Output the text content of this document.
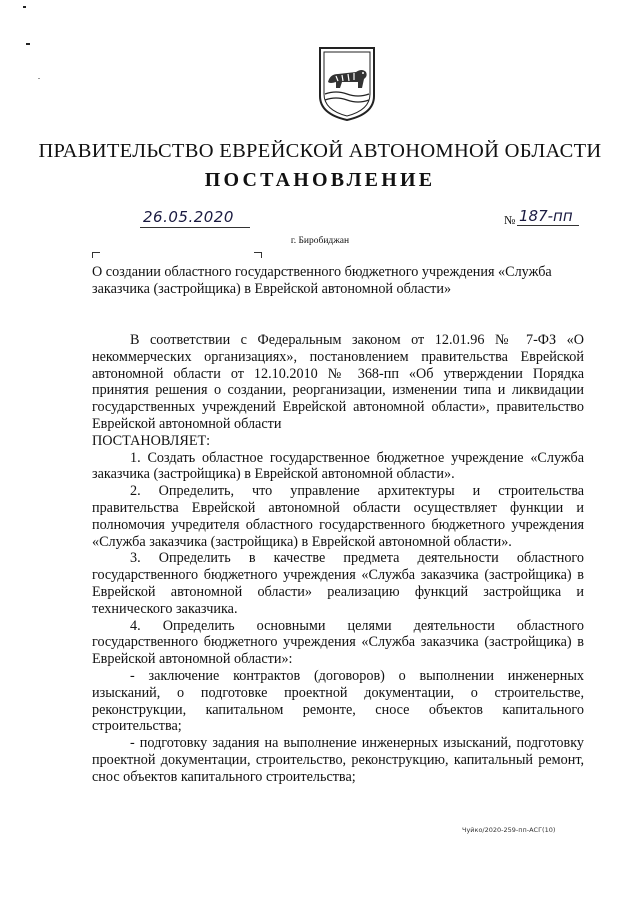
ПРАВИТЕЛЬСТВО ЕВРЕЙСКОЙ АВТОНОМНОЙ ОБЛАСТИ
ПОСТАНОВЛЕНИЕ
26.05.2020	№ 187-пп
г. Биробиджан
О создании областного государственного бюджетного учреждения «Служба заказчика (застройщика) в Еврейской автономной области»

В соответствии с Федеральным законом от 12.01.96 № 7-ФЗ «О некоммерческих организациях», постановлением правительства Еврейской автономной области от 12.10.2010 № 368-пп «Об утверждении Порядка принятия решения о создании, реорганизации, изменении типа и ликвидации государственных учреждений Еврейской автономной области», правительство Еврейской автономной области

ПОСТАНОВЛЯЕТ:

1. Создать областное государственное бюджетное учреждение «Служба заказчика (застройщика) в Еврейской автономной области».

2. Определить, что управление архитектуры и строительства правительства Еврейской автономной области осуществляет функции и полномочия учредителя областного государственного бюджетного учреждения «Служба заказчика (застройщика) в Еврейской автономной области».

3. Определить в качестве предмета деятельности областного государственного бюджетного учреждения «Служба заказчика (застройщика) в Еврейской автономной области» реализацию функций застройщика и технического заказчика.

4. Определить основными целями деятельности областного государственного бюджетного учреждения «Служба заказчика (застройщика) в Еврейской автономной области»:

- заключение контрактов (договоров) о выполнении инженерных изысканий, о подготовке проектной документации, о строительстве, реконструкции, капитальном ремонте, сносе объектов капитального строительства;

- подготовку задания на выполнение инженерных изысканий, подготовку проектной документации, строительство, реконструкцию, капитальный ремонт, снос объектов капитального строительства;

Чуйко/2020-259-пп-АСГ(10)
